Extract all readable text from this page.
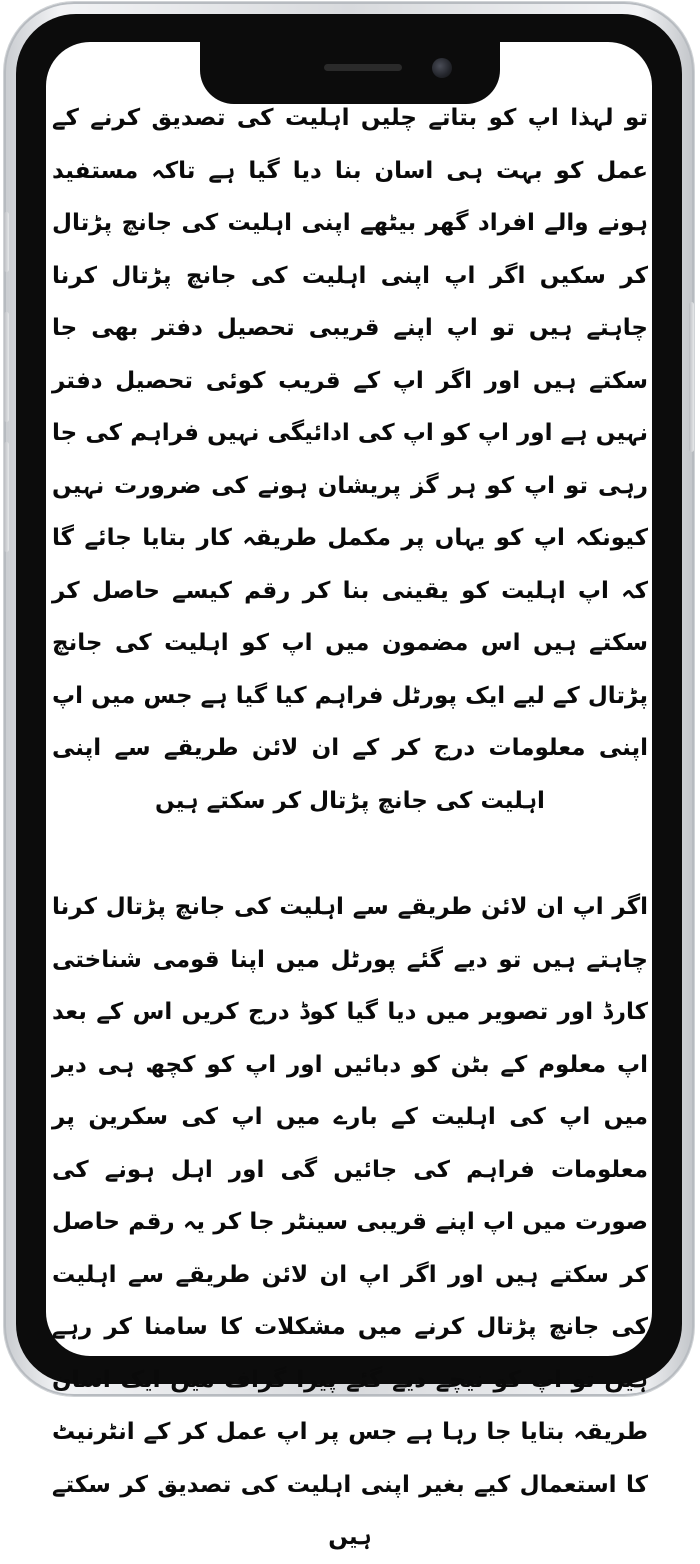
تو لہذا اپ کو بتاتے چلیں اہلیت کی تصدیق کرنے کے عمل کو بہت ہی اسان بنا دیا گیا ہے تاکہ مستفید ہونے والے افراد گھر بیٹھے اپنی اہلیت کی جانچ پڑتال کر سکیں اگر اپ اپنی اہلیت کی جانچ پڑتال کرنا چاہتے ہیں تو اپ اپنے قریبی تحصیل دفتر بھی جا سکتے ہیں اور اگر اپ کے قریب کوئی تحصیل دفتر نہیں ہے اور اپ کو اپ کی ادائیگی نہیں فراہم کی جا رہی تو اپ کو ہر گز پریشان ہونے کی ضرورت نہیں کیونکہ اپ کو یہاں پر مکمل طریقہ کار بتایا جائے گا کہ اپ اہلیت کو یقینی بنا کر رقم کیسے حاصل کر سکتے ہیں اس مضمون میں اپ کو اہلیت کی جانچ پڑتال کے لیے ایک پورٹل فراہم کیا گیا ہے جس میں اپ اپنی معلومات درج کر کے ان لائن طریقے سے اپنی اہلیت کی جانچ پڑتال کر سکتے ہیں

اگر اپ ان لائن طریقے سے اہلیت کی جانچ پڑتال کرنا چاہتے ہیں تو دیے گئے پورٹل میں اپنا قومی شناختی کارڈ اور تصویر میں دیا گیا کوڈ درج کریں اس کے بعد اپ معلوم کے بٹن کو دبائیں اور اپ کو کچھ ہی دیر میں اپ کی اہلیت کے بارے میں اپ کی سکرین پر معلومات فراہم کی جائیں گی اور اہل ہونے کی صورت میں اپ اپنے قریبی سینٹر جا کر یہ رقم حاصل کر سکتے ہیں اور اگر اپ ان لائن طریقے سے اہلیت کی جانچ پڑتال کرنے میں مشکلات کا سامنا کر رہے ہیں تو اپ کو نیچے دیے گئے پیرا گراف میں ایک اسان طریقہ بتایا جا رہا ہے جس پر اپ عمل کر کے انٹرنیٹ کا استعمال کیے بغیر اپنی اہلیت کی تصدیق کر سکتے ہیں
